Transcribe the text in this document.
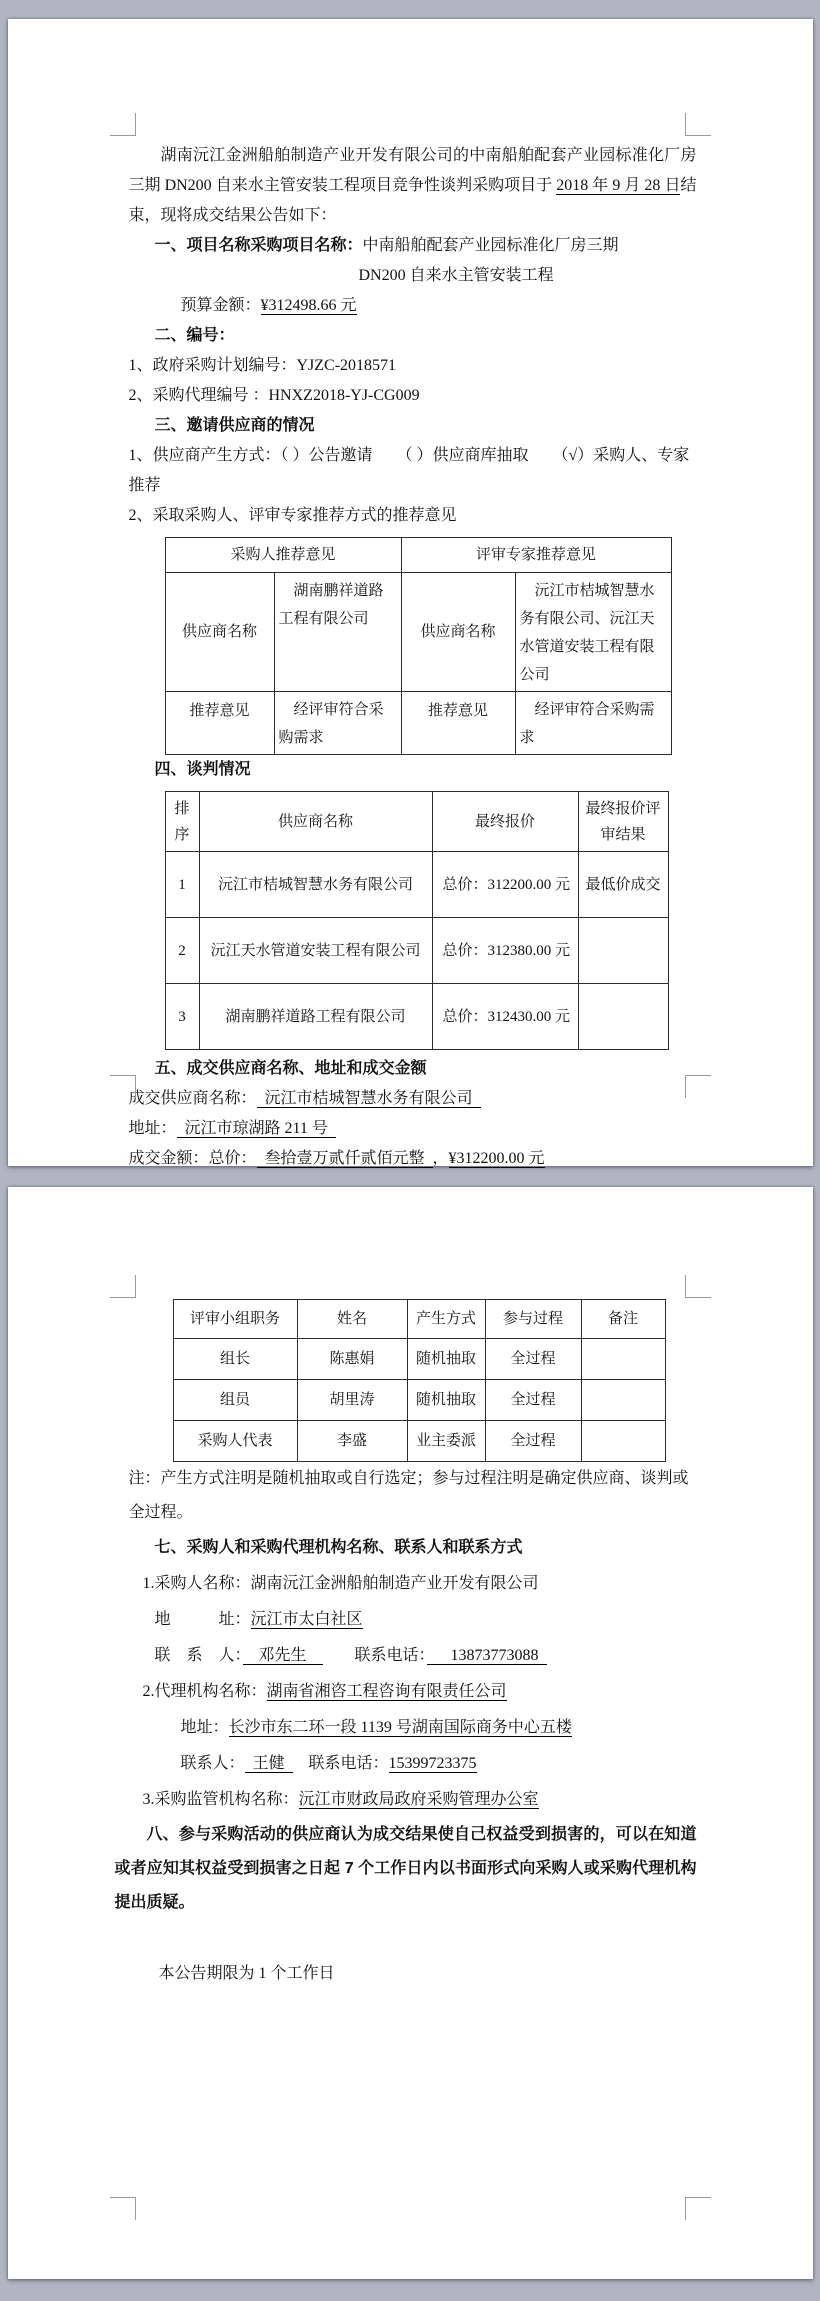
湖南沅江金洲船舶制造产业开发有限公司的中南船舶配套产业园标准化厂房三期 DN200 自来水主管安装工程项目竞争性谈判采购项目于 2018 年 9 月 28 日结束，现将成交结果公告如下：

一、项目名称采购项目名称：中南船舶配套产业园标准化厂房三期

DN200 自来水主管安装工程

预算金额：¥312498.66 元

二、编号：

1、政府采购计划编号：YJZC-2018571

2、采购代理编号 ：HNXZ2018-YJ-CG009

三、邀请供应商的情况

1、供应商产生方式：（ ）公告邀请　　（ ）供应商库抽取　　（√）采购人、专家推荐

2、采取采购人、评审专家推荐方式的推荐意见

采购人推荐意见		评审专家推荐意见	
供应商名称	湖南鹏祥道路工程有限公司	供应商名称	沅江市桔城智慧水务有限公司、沅江天水管道安装工程有限公司
推荐意见	经评审符合采购需求	推荐意见	经评审符合采购需求

四、谈判情况

排序	供应商名称	最终报价	最终报价评审结果
1	沅江市桔城智慧水务有限公司	总价：312200.00 元	最低价成交
2	沅江天水管道安装工程有限公司	总价：312380.00 元	
3	湖南鹏祥道路工程有限公司	总价：312430.00 元	

五、成交供应商名称、地址和成交金额

成交供应商名称： 沅江市桔城智慧水务有限公司

地址： 沅江市琼湖路 211 号

成交金额：总价： 叁拾壹万贰仟贰佰元整 ，¥312200.00 元

评审小组职务	姓名	产生方式	参与过程	备注
组长	陈惠娟	随机抽取	全过程	
组员	胡里涛	随机抽取	全过程	
采购人代表	李盛	业主委派	全过程	

注：产生方式注明是随机抽取或自行选定；参与过程注明是确定供应商、谈判或全过程。

七、采购人和采购代理机构名称、联系人和联系方式

1.采购人名称：湖南沅江金洲船舶制造产业开发有限公司

地　　　址：沅江市太白社区

联　系　人：　邓先生　　　联系电话：　13873773088

2.代理机构名称：湖南省湘咨工程咨询有限责任公司

地址：长沙市东二环一段 1139 号湖南国际商务中心五楼

联系人： 王健　联系电话：15399723375

3.采购监管机构名称：沅江市财政局政府采购管理办公室

八、参与采购活动的供应商认为成交结果使自己权益受到损害的，可以在知道或者应知其权益受到损害之日起 7 个工作日内以书面形式向采购人或采购代理机构提出质疑。

本公告期限为 1 个工作日
